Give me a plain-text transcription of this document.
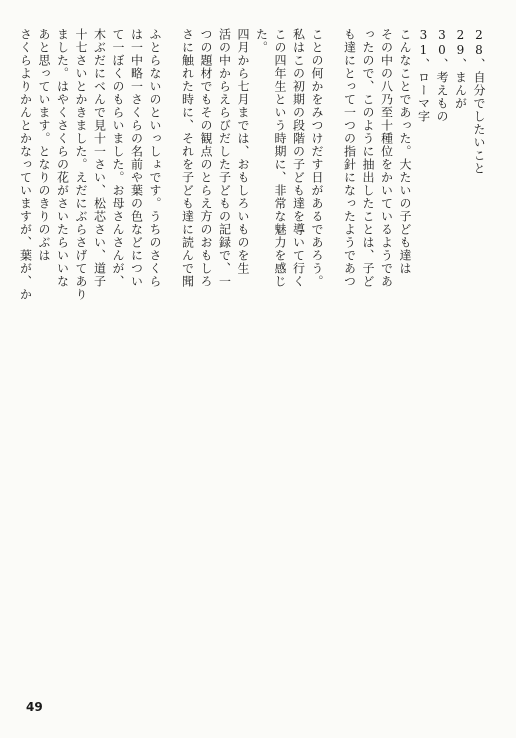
28、自分でしたいこと
29、まんが
30、考えもの
31、ローマ字
こんなことであった。大たいの子ども達は
その中の八乃至十種位をかいているようであ
ったので、このように抽出したことは、子ど
も達にとって一つの指針になったようであつ

ことの何かをみつけだす日があるであろう。
私はこの初期の段階の子ども達を導いて行く
この四年生という時期に、非常な魅力を感じ
た。
四月から七月までは、おもしろいものを生
活の中からえらびだした子どもの記録で、一
つの題材でもその観点のとらえ方のおもしろ
さに触れた時に、それを子ども達に読んで聞

ふとらないのといっしょです。うちのさくら
は一中略一さくらの名前や葉の色などについ
て一ぼくのもらいました。お母さんさんが、
木ぶだにべんで見十一さい、松芯さい、道子
十七さいとかきました。えだにぶらさげてあり
ました。はやくさくらの花がさいたらいいな
あと思っています。となりのきりのぶは
さくらよりかんとかなっていますが、葉が、か

49
